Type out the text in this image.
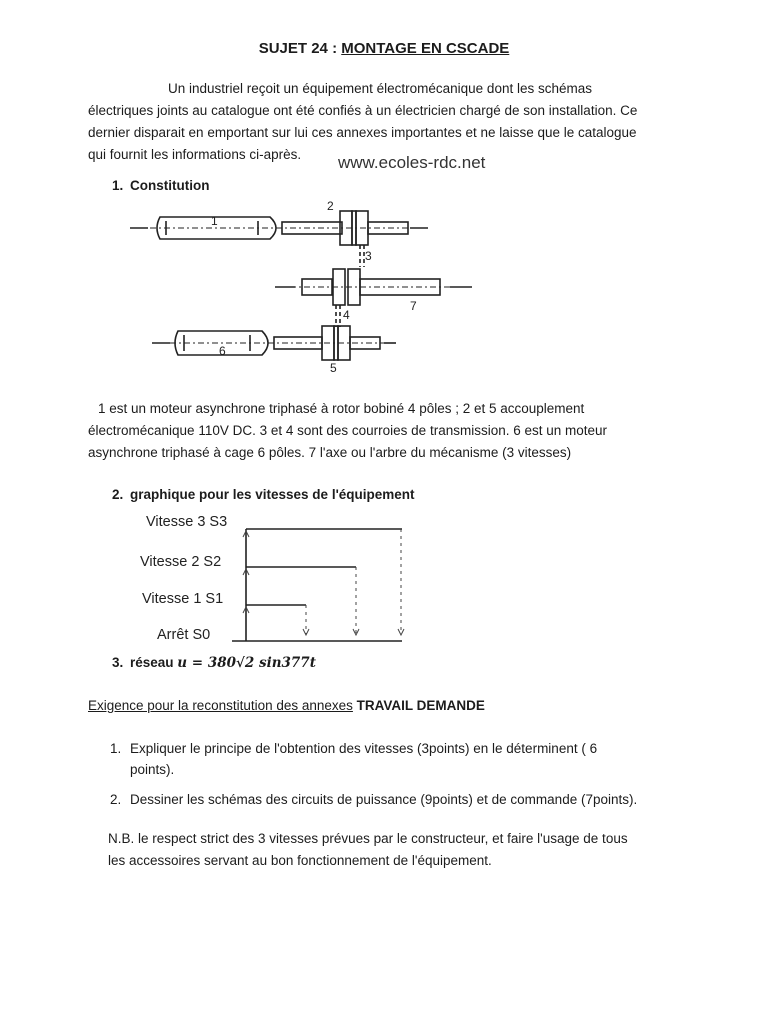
SUJET 24 : MONTAGE EN CSCADE
Un industriel reçoit un équipement électromécanique dont les schémas
électriques joints au catalogue ont été confiés à un électricien chargé de son installation. Ce
dernier disparait en emportant sur lui ces annexes importantes et ne laisse que le catalogue
qui fournit les informations ci-après.	www.ecoles-rdc.net
1. Constitution
1
2
3
4
5
6
7
1 est un moteur asynchrone triphasé à rotor bobiné 4 pôles ; 2 et 5 accouplement
électromécanique 110V DC. 3 et 4 sont des courroies de transmission. 6 est un moteur
asynchrone triphasé à cage 6 pôles. 7 l'axe ou l'arbre du mécanisme (3 vitesses)
2. graphique pour les vitesses de l'équipement
Vitesse 3 S3
Vitesse 2 S2
Vitesse 1 S1
Arrêt S0
3. réseau u = 380√2 sin377t
Exigence pour la reconstitution des annexes TRAVAIL DEMANDE
1. Expliquer le principe de l'obtention des vitesses (3points) en le déterminent ( 6
points).
2. Dessiner les schémas des circuits de puissance (9points) et de commande (7points).
N.B. le respect strict des 3 vitesses prévues par le constructeur, et faire l'usage de tous
les accessoires servant au bon fonctionnement de l'équipement.
